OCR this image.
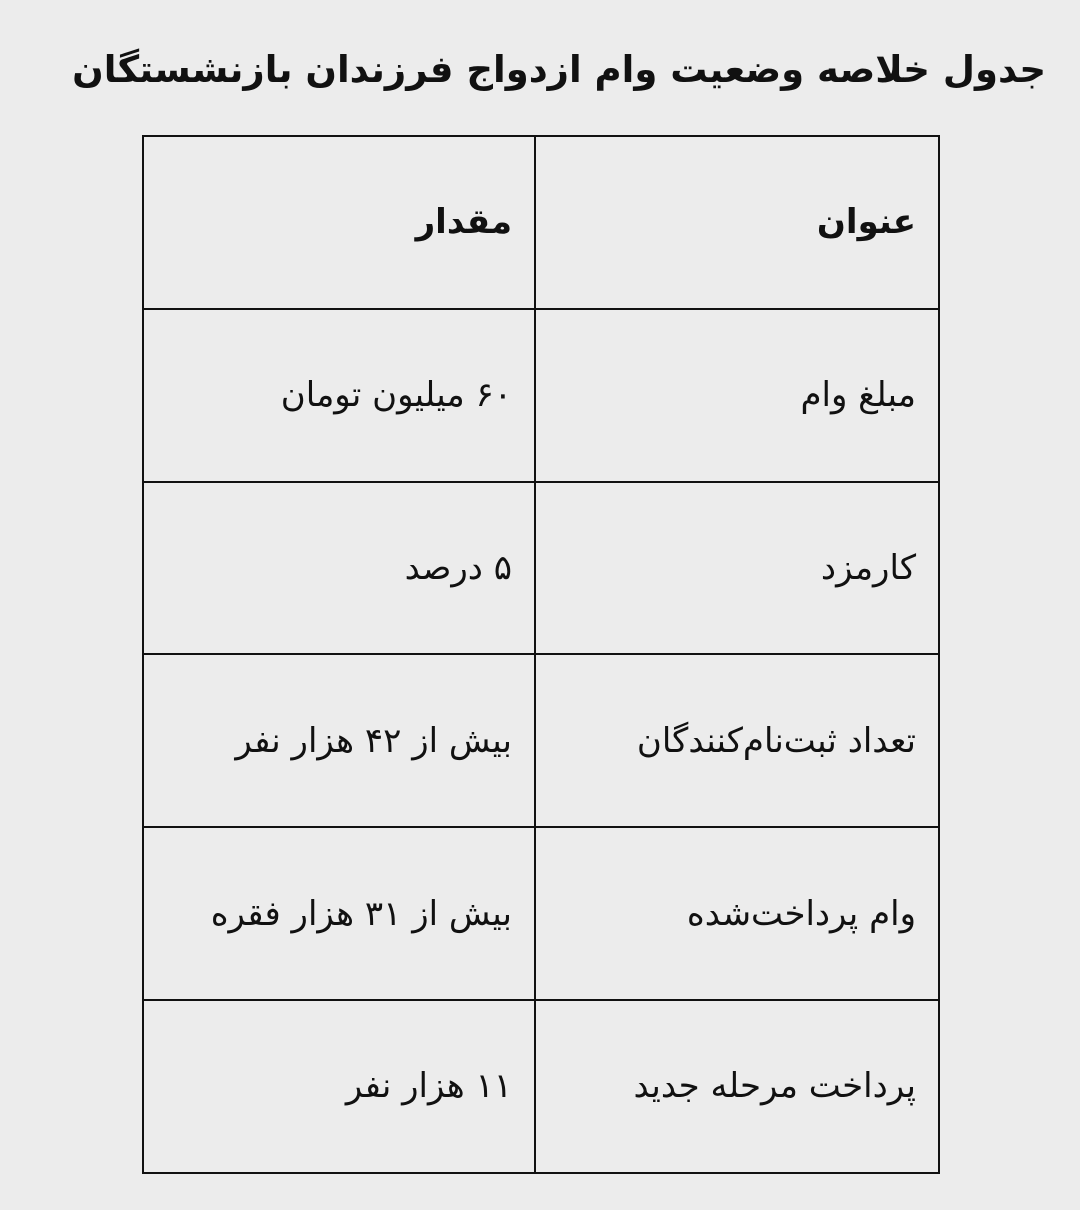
جدول خلاصه وضعیت وام ازدواج فرزندان بازنشستگان
عنوان	مقدار
مبلغ وام	۶۰ میلیون تومان
کارمزد	۵ درصد
تعداد ثبت‌نام‌کنندگان	بیش از ۴۲ هزار نفر
وام پرداخت‌شده	بیش از ۳۱ هزار فقره
پرداخت مرحله جدید	۱۱ هزار نفر
